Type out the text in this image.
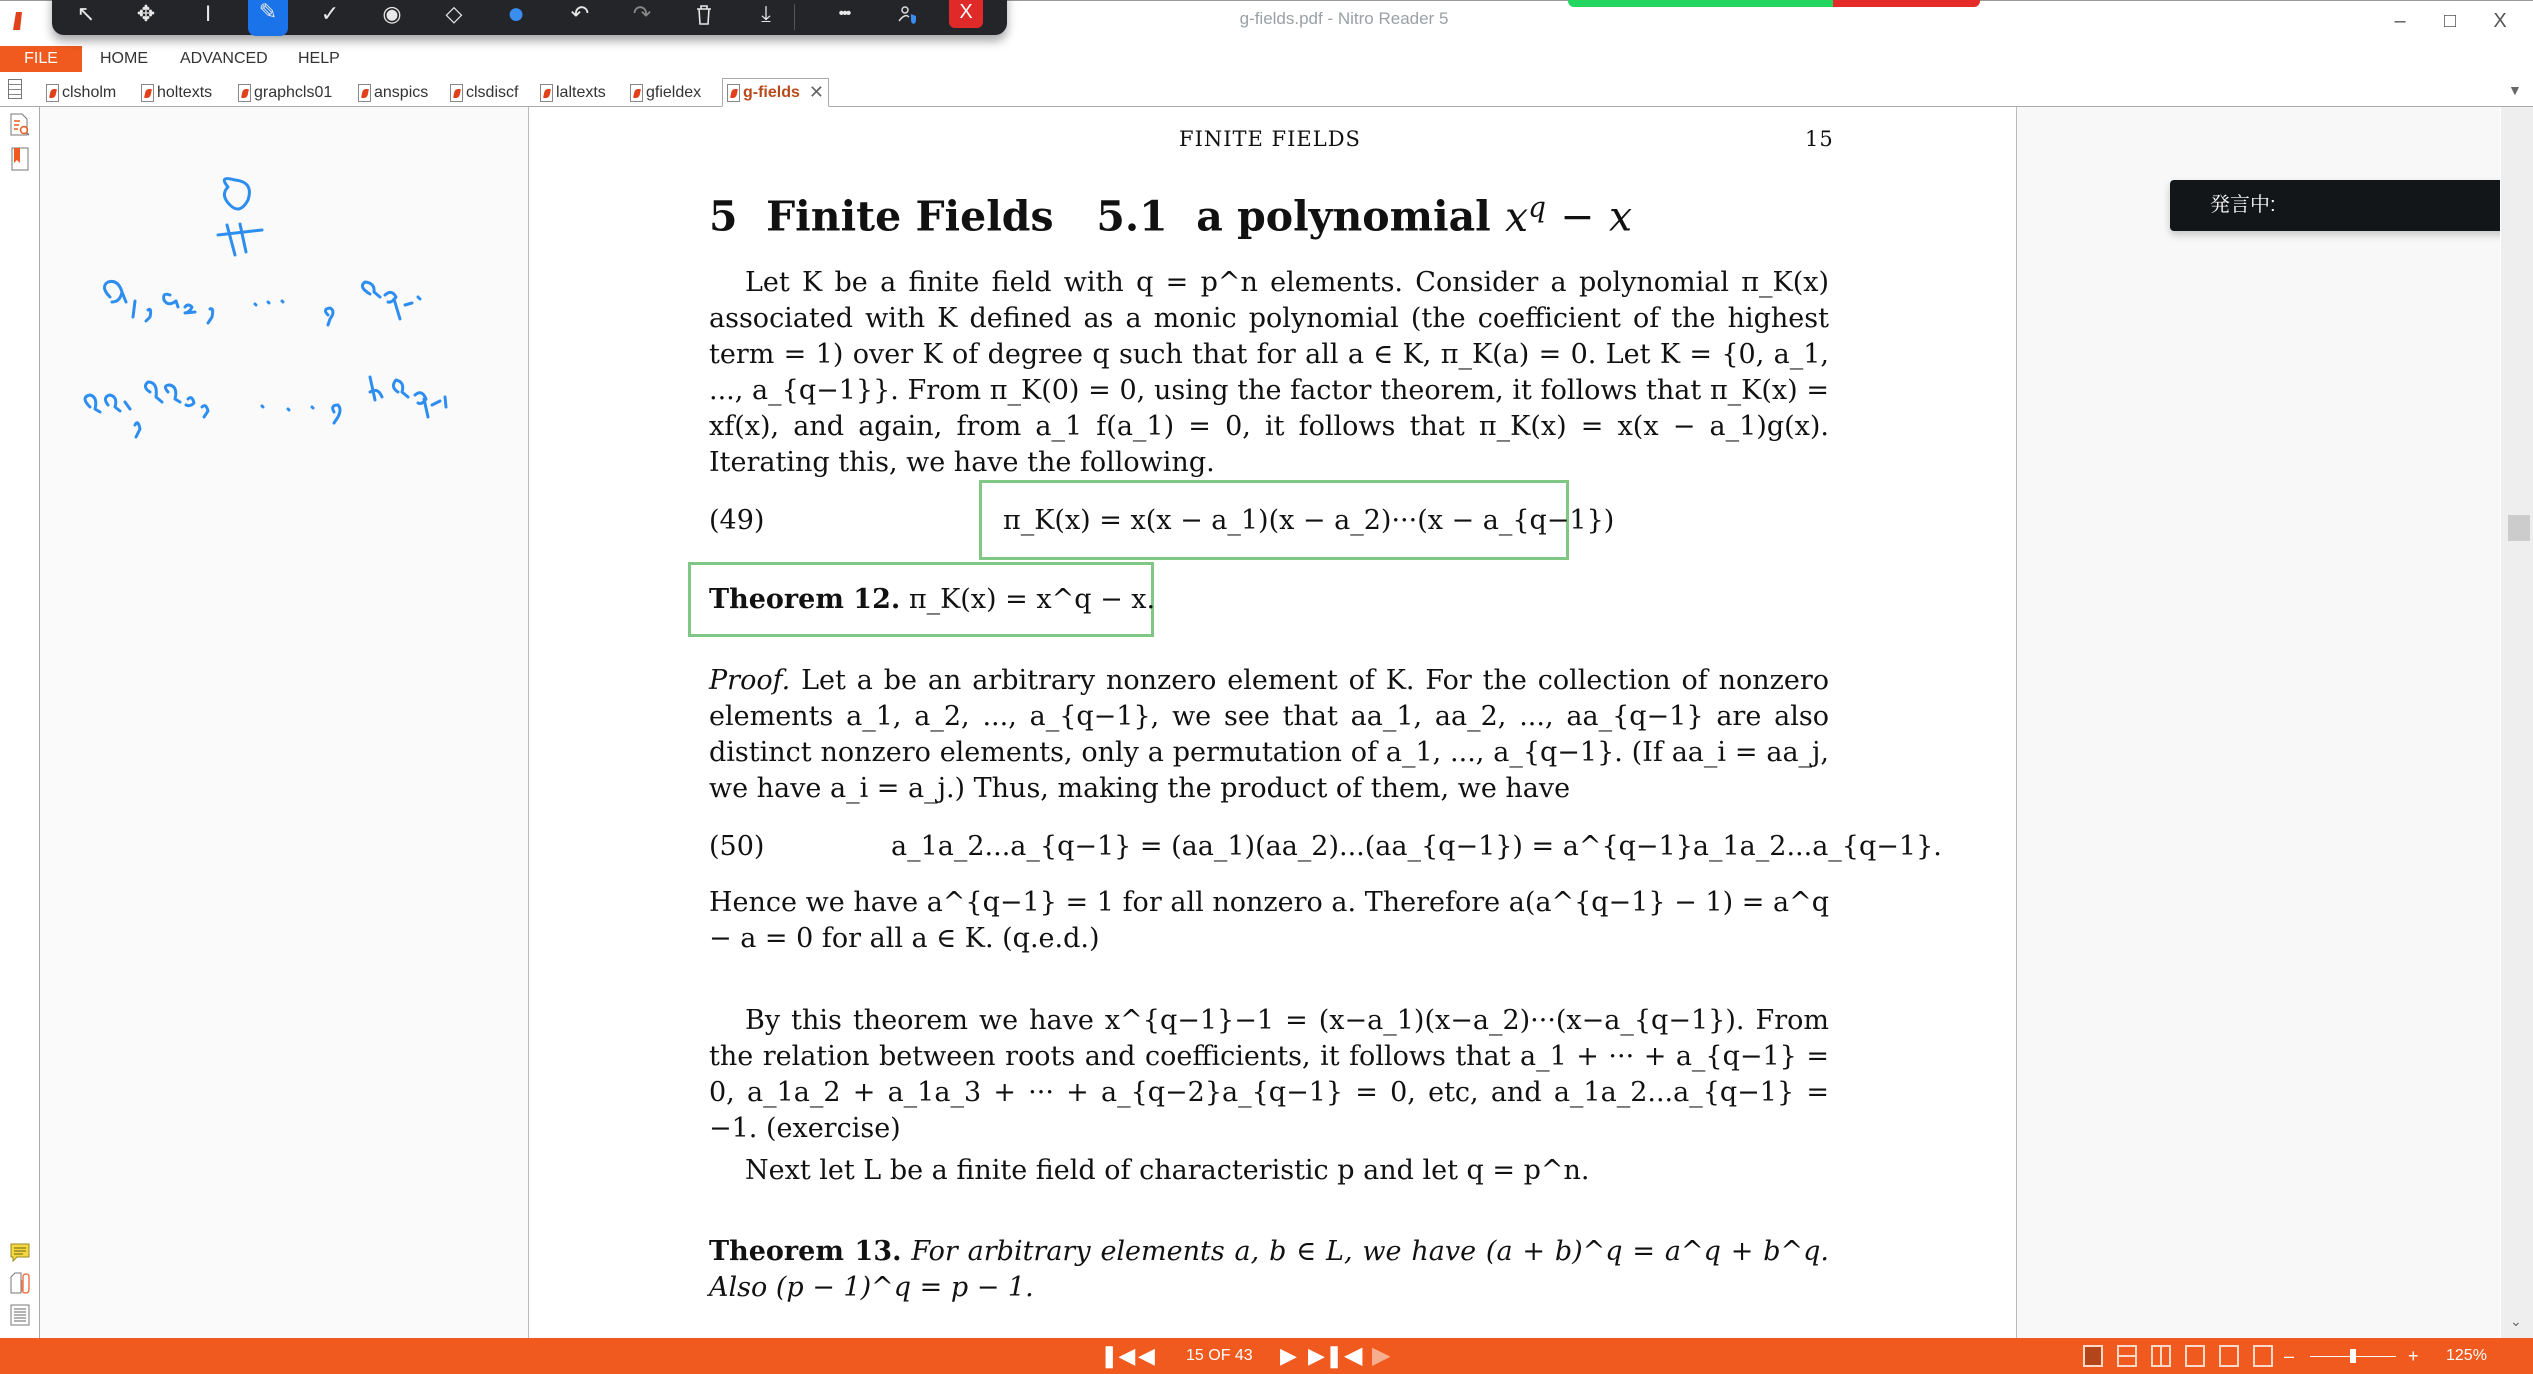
g-fields.pdf - Nitro Reader 5	–	□	X
FILE	HOME ADVANCED HELP
clsholm	holtexts	graphcls01	anspics clsdiscf laltexts	gfieldex	g-fields ✕	▼
↖	✥	I	✎	✓	◉	◇	●	↶	↷	⤓	•••	X
FINITE FIELDS	15
5  Finite Fields   5.1  a polynomial $x^q - x$
Let K be a finite field with q = p^n elements. Consider a polynomial π_K(x) associated with K defined as a monic polynomial (the coefficient of the highest term = 1) over K of degree q such that for all a ∈ K, π_K(a) = 0. Let K = {0, a_1, ..., a_{q−1}}. From π_K(0) = 0, using the factor theorem, it follows that π_K(x) = xf(x), and again, from a_1 f(a_1) = 0, it follows that π_K(x) = x(x − a_1)g(x). Iterating this, we have the following.
(49)	π_K(x) = x(x − a_1)(x − a_2)···(x − a_{q−1})
Theorem 12. π_K(x) = x^q − x.
Proof. Let a be an arbitrary nonzero element of K. For the collection of nonzero elements a_1, a_2, ..., a_{q−1}, we see that aa_1, aa_2, ..., aa_{q−1} are also distinct nonzero elements, only a permutation of a_1, ..., a_{q−1}. (If aa_i = aa_j, we have a_i = a_j.) Thus, making the product of them, we have
(50)	a_1a_2...a_{q−1} = (aa_1)(aa_2)...(aa_{q−1}) = a^{q−1}a_1a_2...a_{q−1}.
Hence we have a^{q−1} = 1 for all nonzero a. Therefore a(a^{q−1} − 1) = a^q − a = 0 for all a ∈ K. (q.e.d.)
By this theorem we have x^{q−1}−1 = (x−a_1)(x−a_2)···(x−a_{q−1}). From the relation between roots and coefficients, it follows that a_1 + ··· + a_{q−1} = 0, a_1a_2 + a_1a_3 + ··· + a_{q−2}a_{q−1} = 0, etc, and a_1a_2...a_{q−1} = −1. (exercise)
Next let L be a finite field of characteristic p and let q = p^n.
Theorem 13. For arbitrary elements a, b ∈ L, we have (a + b)^q = a^q + b^q. Also (p − 1)^q = p − 1.
発言中:
⌄
❚◀ ◀ 15 OF 43 ▶ ▶❚ ◀︎ ▶︎	–	+ 125%
